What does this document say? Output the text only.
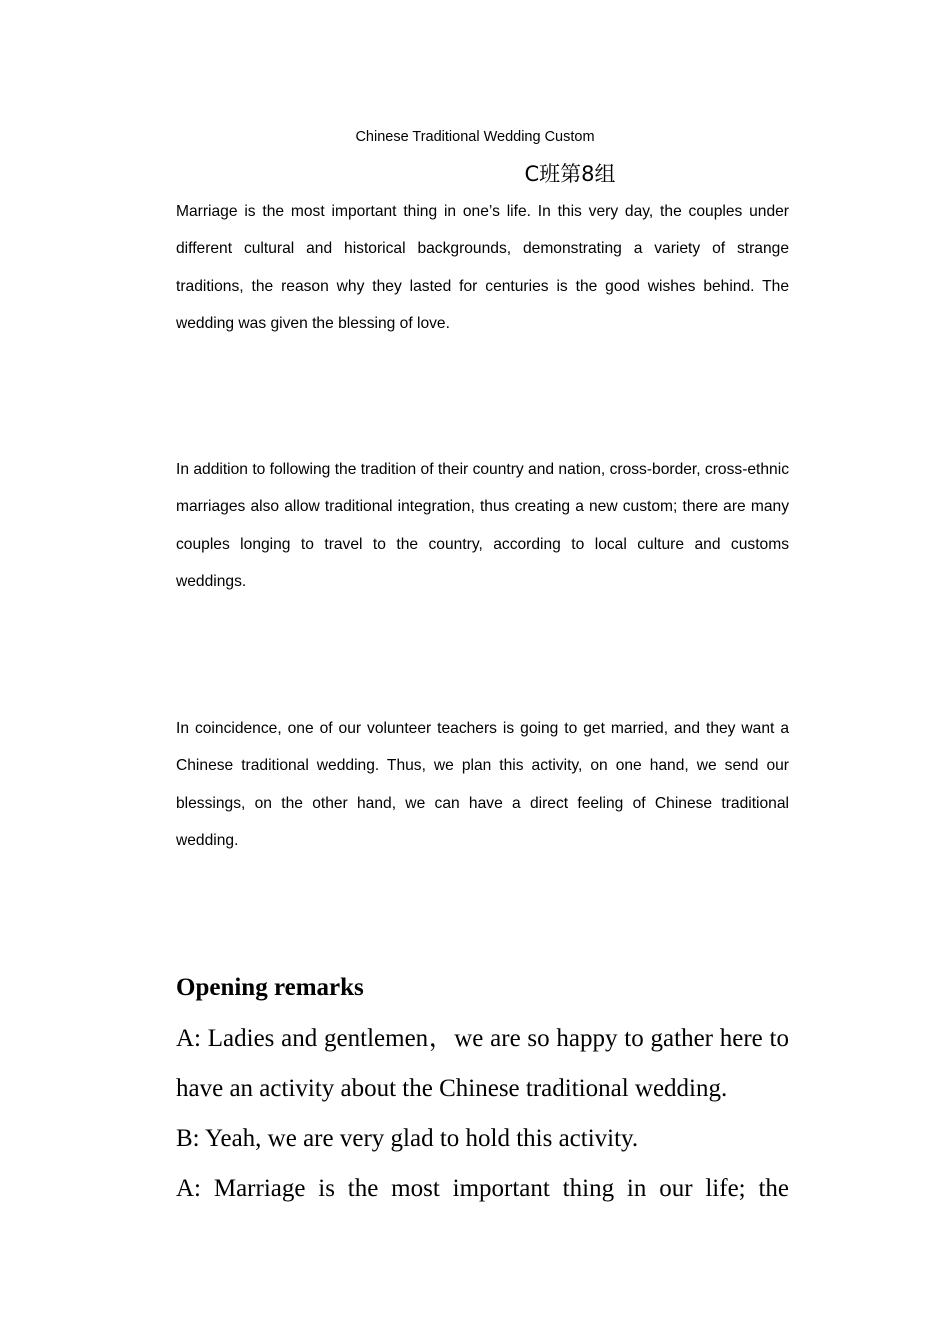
Chinese Traditional Wedding Custom
C班第8组

Marriage is the most important thing in one’s life. In this very day, the couples under different cultural and historical backgrounds, demonstrating a variety of strange traditions, the reason why they lasted for centuries is the good wishes behind. The wedding was given the blessing of love.

In addition to following the tradition of their country and nation, cross-border, cross-ethnic marriages also allow traditional integration, thus creating a new custom; there are many couples longing to travel to the country, according to local culture and customs weddings.

In coincidence, one of our volunteer teachers is going to get married, and they want a Chinese traditional wedding. Thus, we plan this activity, on one hand, we send our blessings, on the other hand, we can have a direct feeling of Chinese traditional wedding.

Opening remarks

A: Ladies and gentlemen，we are so happy to gather here to have an activity about the Chinese traditional wedding.

B: Yeah, we are very glad to hold this activity.

A: Marriage is the most important thing in our life; the
